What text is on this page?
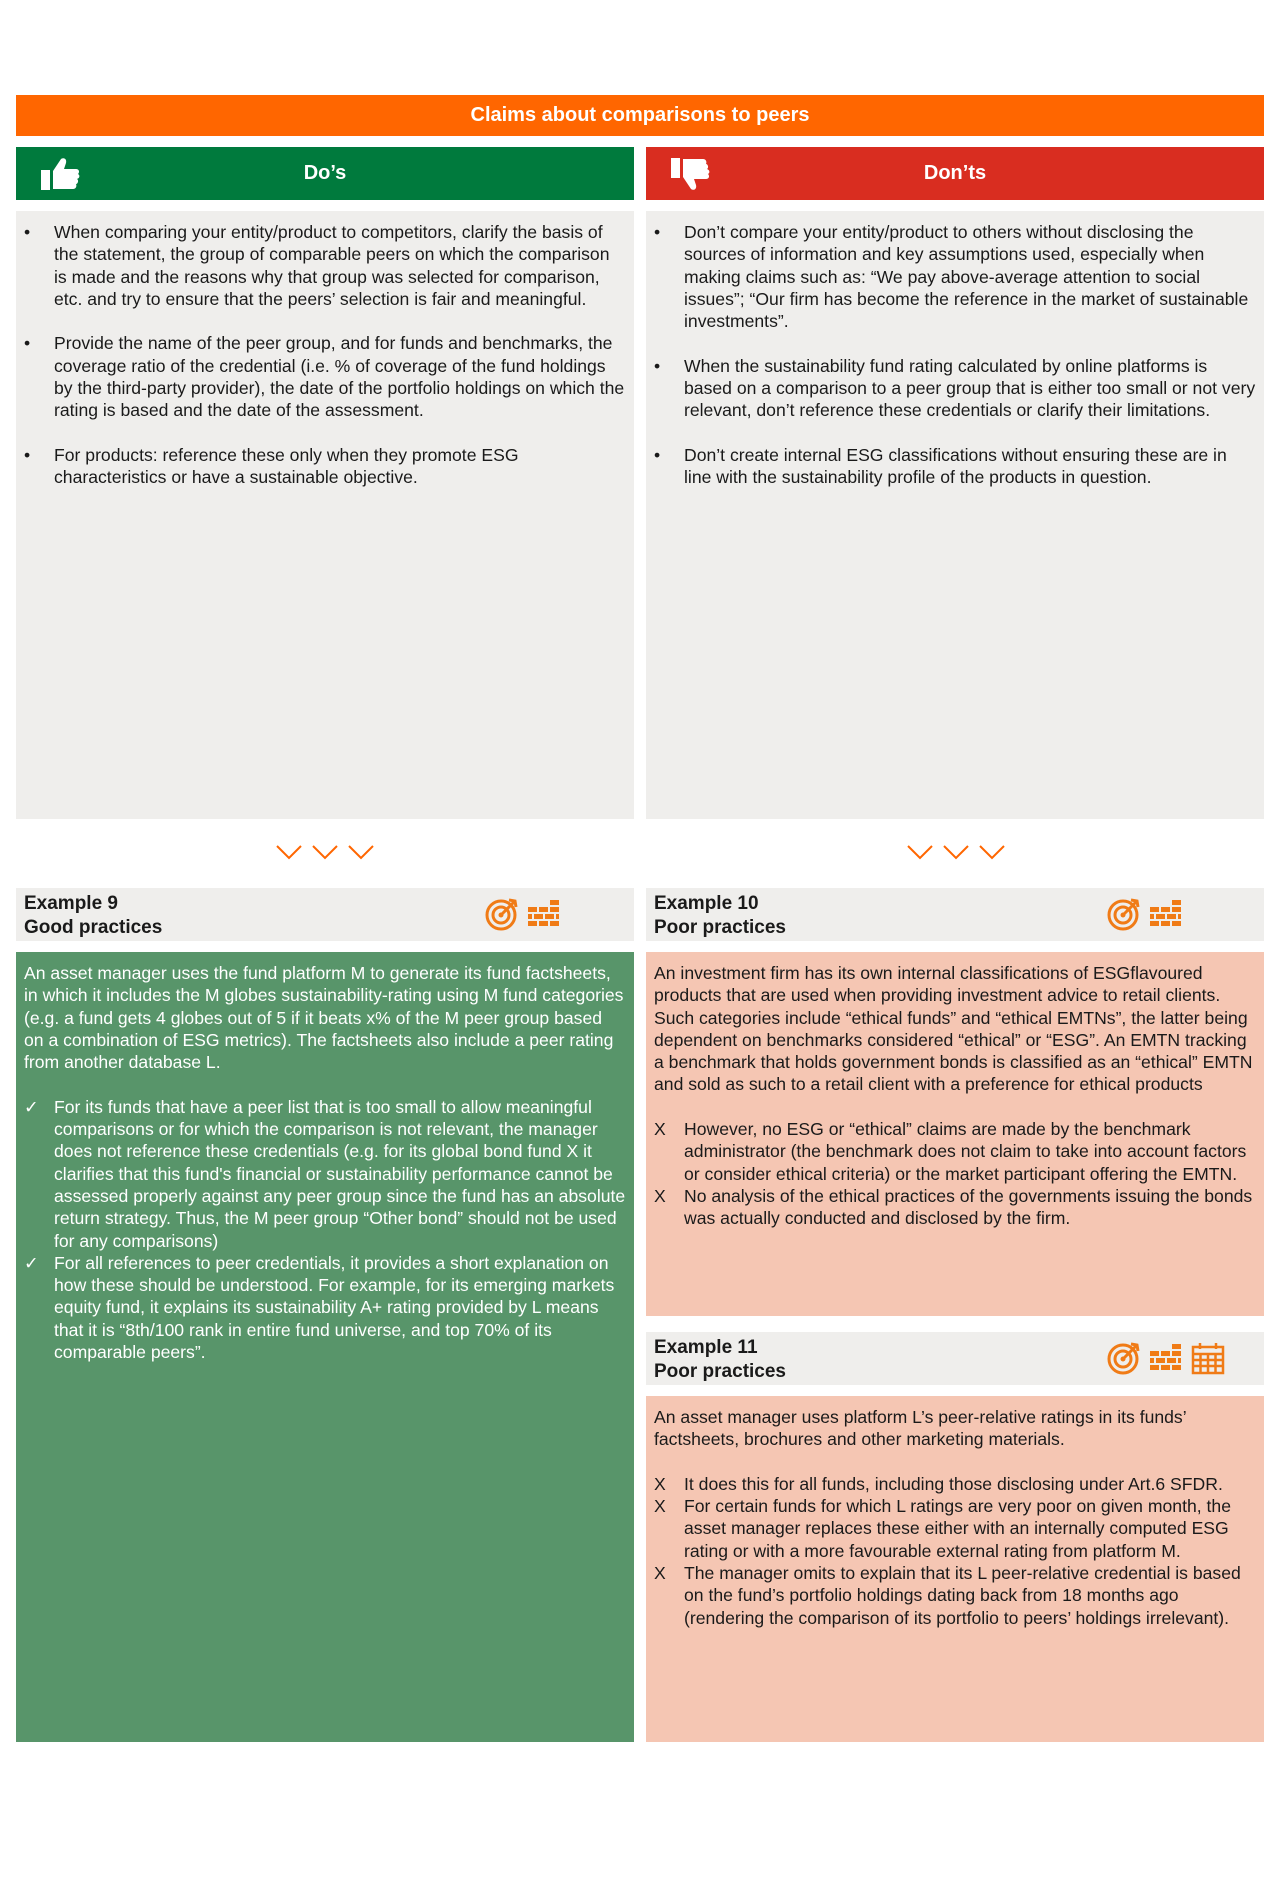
Claims about comparisons to peers
Do’s	Don’ts
•	When comparing your entity/product to competitors, clarify the basis of the statement, the group of comparable peers on which the comparison is made and the reasons why that group was selected for comparison, etc. and try to ensure that the peers’ selection is fair and meaningful.
•	Provide the name of the peer group, and for funds and benchmarks, the coverage ratio of the credential (i.e. % of coverage of the fund holdings by the third-party provider), the date of the portfolio holdings on which the rating is based and the date of the assessment.
•	For products: reference these only when they promote ESG characteristics or have a sustainable objective.
•	Don’t compare your entity/product to others without disclosing the sources of information and key assumptions used, especially when making claims such as: “We pay above-average attention to social issues”; “Our firm has become the reference in the market of sustainable investments”.
•	When the sustainability fund rating calculated by online platforms is based on a comparison to a peer group that is either too small or not very relevant, don’t reference these credentials or clarify their limitations.
•	Don’t create internal ESG classifications without ensuring these are in line with the sustainability profile of the products in question.
Example 9
Good practices

An asset manager uses the fund platform M to generate its fund factsheets, in which it includes the M globes sustainability-rating using M fund categories (e.g. a fund gets 4 globes out of 5 if it beats x% of the M peer group based on a combination of ESG metrics). The factsheets also include a peer rating from another database L.

✓ For its funds that have a peer list that is too small to allow meaningful comparisons or for which the comparison is not relevant, the manager does not reference these credentials (e.g. for its global bond fund X it clarifies that this fund's financial or sustainability performance cannot be assessed properly against any peer group since the fund has an absolute return strategy. Thus, the M peer group “Other bond” should not be used for any comparisons)
✓ For all references to peer credentials, it provides a short explanation on how these should be understood. For example, for its emerging markets equity fund, it explains its sustainability A+ rating provided by L means that it is “8th/100 rank in entire fund universe, and top 70% of its comparable peers”.
Example 10
Poor practices

An investment firm has its own internal classifications of ESGflavoured products that are used when providing investment advice to retail clients. Such categories include “ethical funds” and “ethical EMTNs”, the latter being dependent on benchmarks considered “ethical” or “ESG”. An EMTN tracking a benchmark that holds government bonds is classified as an “ethical” EMTN and sold as such to a retail client with a preference for ethical products

X	However, no ESG or “ethical” claims are made by the benchmark administrator (the benchmark does not claim to take into account factors or consider ethical criteria) or the market participant offering the EMTN.
X	No analysis of the ethical practices of the governments issuing the bonds was actually conducted and disclosed by the firm.
Example 11
Poor practices

An asset manager uses platform L’s peer-relative ratings in its funds’ factsheets, brochures and other marketing materials.

X	It does this for all funds, including those disclosing under Art.6 SFDR.
X	For certain funds for which L ratings are very poor on given month, the asset manager replaces these either with an internally computed ESG rating or with a more favourable external rating from platform M.
X	The manager omits to explain that its L peer-relative credential is based on the fund’s portfolio holdings dating back from 18 months ago (rendering the comparison of its portfolio to peers’ holdings irrelevant).
